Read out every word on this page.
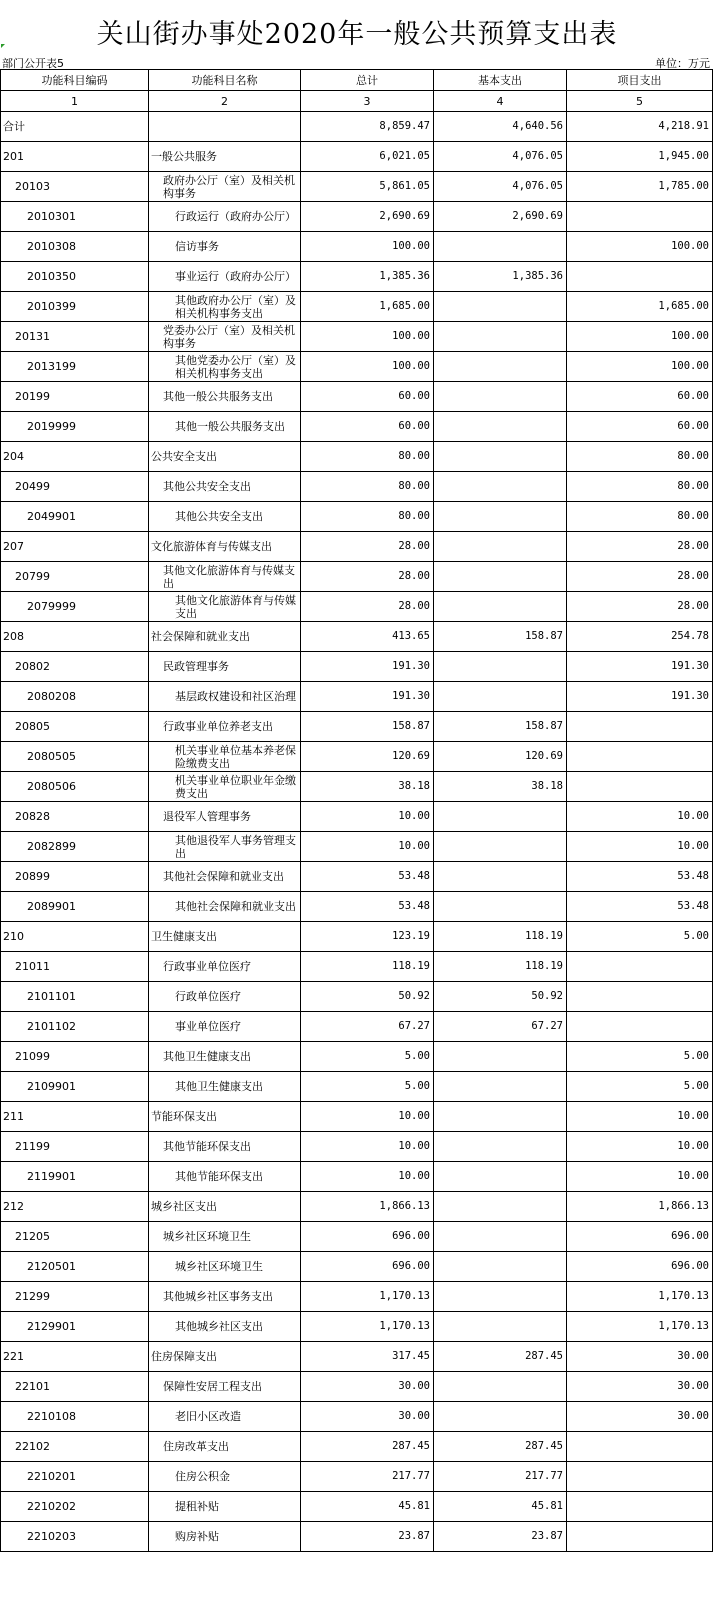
关山街办事处2020年一般公共预算支出表
部门公开表5	单位：万元
功能科目编码	功能科目名称	总计	基本支出	项目支出
1	2	3	4	5
合计		8,859.47	4,640.56	4,218.91
201	一般公共服务	6,021.05	4,076.05	1,945.00
20103	政府办公厅（室）及相关机构事务	5,861.05	4,076.05	1,785.00
2010301	行政运行（政府办公厅）	2,690.69	2,690.69	
2010308	信访事务	100.00		100.00
2010350	事业运行（政府办公厅）	1,385.36	1,385.36	
2010399	其他政府办公厅（室）及相关机构事务支出	1,685.00		1,685.00
20131	党委办公厅（室）及相关机构事务	100.00		100.00
2013199	其他党委办公厅（室）及相关机构事务支出	100.00		100.00
20199	其他一般公共服务支出	60.00		60.00
2019999	其他一般公共服务支出	60.00		60.00
204	公共安全支出	80.00		80.00
20499	其他公共安全支出	80.00		80.00
2049901	其他公共安全支出	80.00		80.00
207	文化旅游体育与传媒支出	28.00		28.00
20799	其他文化旅游体育与传媒支出	28.00		28.00
2079999	其他文化旅游体育与传媒支出	28.00		28.00
208	社会保障和就业支出	413.65	158.87	254.78
20802	民政管理事务	191.30		191.30
2080208	基层政权建设和社区治理	191.30		191.30
20805	行政事业单位养老支出	158.87	158.87	
2080505	机关事业单位基本养老保险缴费支出	120.69	120.69	
2080506	机关事业单位职业年金缴费支出	38.18	38.18	
20828	退役军人管理事务	10.00		10.00
2082899	其他退役军人事务管理支出	10.00		10.00
20899	其他社会保障和就业支出	53.48		53.48
2089901	其他社会保障和就业支出	53.48		53.48
210	卫生健康支出	123.19	118.19	5.00
21011	行政事业单位医疗	118.19	118.19	
2101101	行政单位医疗	50.92	50.92	
2101102	事业单位医疗	67.27	67.27	
21099	其他卫生健康支出	5.00		5.00
2109901	其他卫生健康支出	5.00		5.00
211	节能环保支出	10.00		10.00
21199	其他节能环保支出	10.00		10.00
2119901	其他节能环保支出	10.00		10.00
212	城乡社区支出	1,866.13		1,866.13
21205	城乡社区环境卫生	696.00		696.00
2120501	城乡社区环境卫生	696.00		696.00
21299	其他城乡社区事务支出	1,170.13		1,170.13
2129901	其他城乡社区支出	1,170.13		1,170.13
221	住房保障支出	317.45	287.45	30.00
22101	保障性安居工程支出	30.00		30.00
2210108	老旧小区改造	30.00		30.00
22102	住房改革支出	287.45	287.45	
2210201	住房公积金	217.77	217.77	
2210202	提租补贴	45.81	45.81	
2210203	购房补贴	23.87	23.87	
